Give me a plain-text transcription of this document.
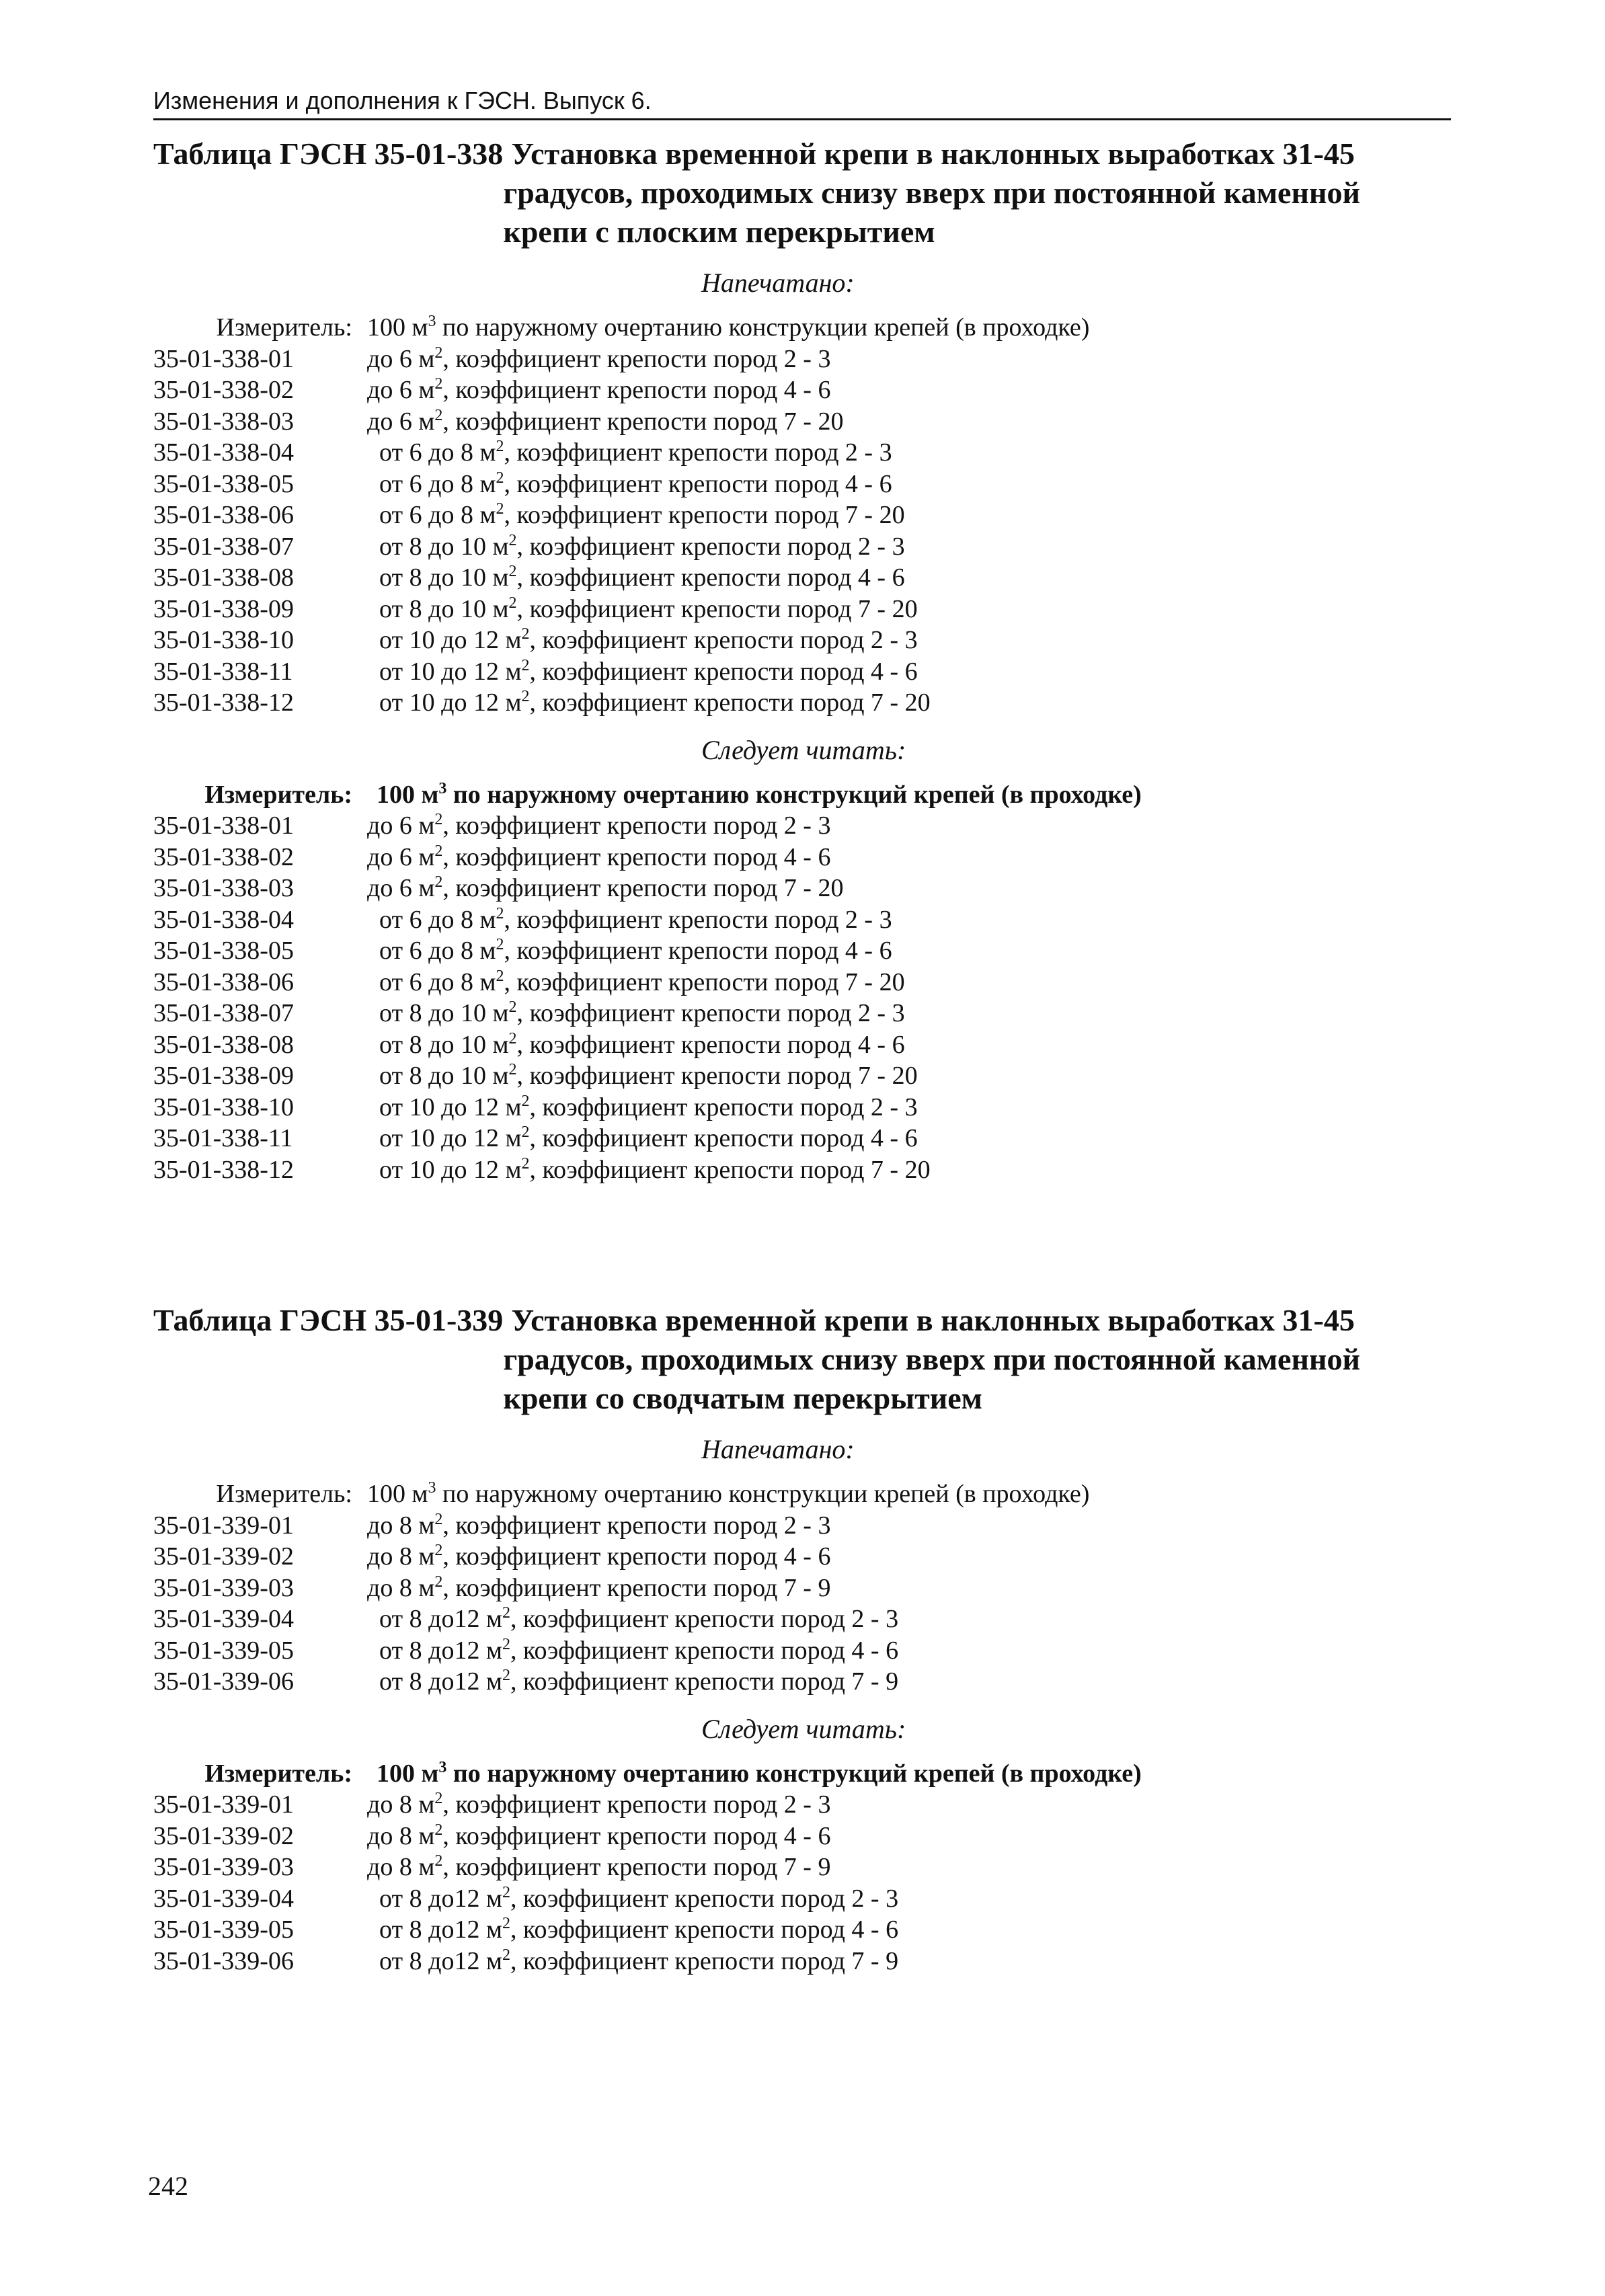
Изменения и дополнения к ГЭСН. Выпуск 6.
Таблица ГЭСН 35-01-338 Установка временной крепи в наклонных выработках 31-45
градусов, проходимых снизу вверх при постоянной каменной
крепи с плоским перекрытием
Напечатано:
Измеритель: 100 $м^3$ по наружному очертанию конструкции крепей (в проходке)
35-01-338-01	до 6 $м^2$, коэффициент крепости пород 2 - 3
35-01-338-02	до 6 $м^2$, коэффициент крепости пород 4 - 6
35-01-338-03	до 6 $м^2$, коэффициент крепости пород 7 - 20
35-01-338-04	от 6 до 8 $м^2$, коэффициент крепости пород 2 - 3
35-01-338-05	от 6 до 8 $м^2$, коэффициент крепости пород 4 - 6
35-01-338-06	от 6 до 8 $м^2$, коэффициент крепости пород 7 - 20
35-01-338-07	от 8 до 10 $м^2$, коэффициент крепости пород 2 - 3
35-01-338-08	от 8 до 10 $м^2$, коэффициент крепости пород 4 - 6
35-01-338-09	от 8 до 10 $м^2$, коэффициент крепости пород 7 - 20
35-01-338-10	от 10 до 12 $м^2$, коэффициент крепости пород 2 - 3
35-01-338-11	от 10 до 12 $м^2$, коэффициент крепости пород 4 - 6
35-01-338-12	от 10 до 12 $м^2$, коэффициент крепости пород 7 - 20
Следует читать:
Измеритель: 100 $м^3$ по наружному очертанию конструкций крепей (в проходке)
35-01-338-01	до 6 $м^2$, коэффициент крепости пород 2 - 3
35-01-338-02	до 6 $м^2$, коэффициент крепости пород 4 - 6
35-01-338-03	до 6 $м^2$, коэффициент крепости пород 7 - 20
35-01-338-04	от 6 до 8 $м^2$, коэффициент крепости пород 2 - 3
35-01-338-05	от 6 до 8 $м^2$, коэффициент крепости пород 4 - 6
35-01-338-06	от 6 до 8 $м^2$, коэффициент крепости пород 7 - 20
35-01-338-07	от 8 до 10 $м^2$, коэффициент крепости пород 2 - 3
35-01-338-08	от 8 до 10 $м^2$, коэффициент крепости пород 4 - 6
35-01-338-09	от 8 до 10 $м^2$, коэффициент крепости пород 7 - 20
35-01-338-10	от 10 до 12 $м^2$, коэффициент крепости пород 2 - 3
35-01-338-11	от 10 до 12 $м^2$, коэффициент крепости пород 4 - 6
35-01-338-12	от 10 до 12 $м^2$, коэффициент крепости пород 7 - 20
Таблица ГЭСН 35-01-339 Установка временной крепи в наклонных выработках 31-45
градусов, проходимых снизу вверх при постоянной каменной
крепи со сводчатым перекрытием
Напечатано:
Измеритель: 100 $м^3$ по наружному очертанию конструкции крепей (в проходке)
35-01-339-01	до 8 $м^2$, коэффициент крепости пород 2 - 3
35-01-339-02	до 8 $м^2$, коэффициент крепости пород 4 - 6
35-01-339-03	до 8 $м^2$, коэффициент крепости пород 7 - 9
35-01-339-04	от 8 до12 $м^2$, коэффициент крепости пород 2 - 3
35-01-339-05	от 8 до12 $м^2$, коэффициент крепости пород 4 - 6
35-01-339-06	от 8 до12 $м^2$, коэффициент крепости пород 7 - 9
Следует читать:
Измеритель: 100 $м^3$ по наружному очертанию конструкций крепей (в проходке)
35-01-339-01	до 8 $м^2$, коэффициент крепости пород 2 - 3
35-01-339-02	до 8 $м^2$, коэффициент крепости пород 4 - 6
35-01-339-03	до 8 $м^2$, коэффициент крепости пород 7 - 9
35-01-339-04	от 8 до12 $м^2$, коэффициент крепости пород 2 - 3
35-01-339-05	от 8 до12 $м^2$, коэффициент крепости пород 4 - 6
35-01-339-06	от 8 до12 $м^2$, коэффициент крепости пород 7 - 9
242
